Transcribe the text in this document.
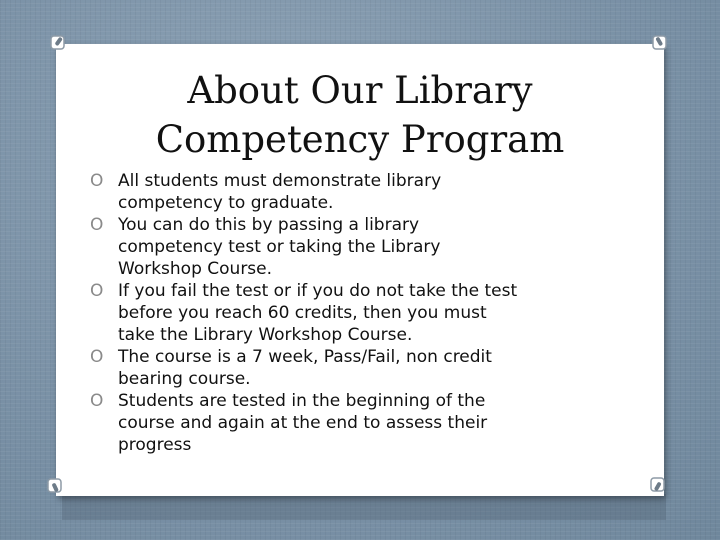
About Our Library
Competency Program
O All students must demonstrate library
competency to graduate.
O You can do this by passing a library
competency test or taking the Library
Workshop Course.
O If you fail the test or if you do not take the test
before you reach 60 credits, then you must
take the Library Workshop Course.
O The course is a 7 week, Pass/Fail, non credit
bearing course.
O Students are tested in the beginning of the
course and again at the end to assess their
progress
